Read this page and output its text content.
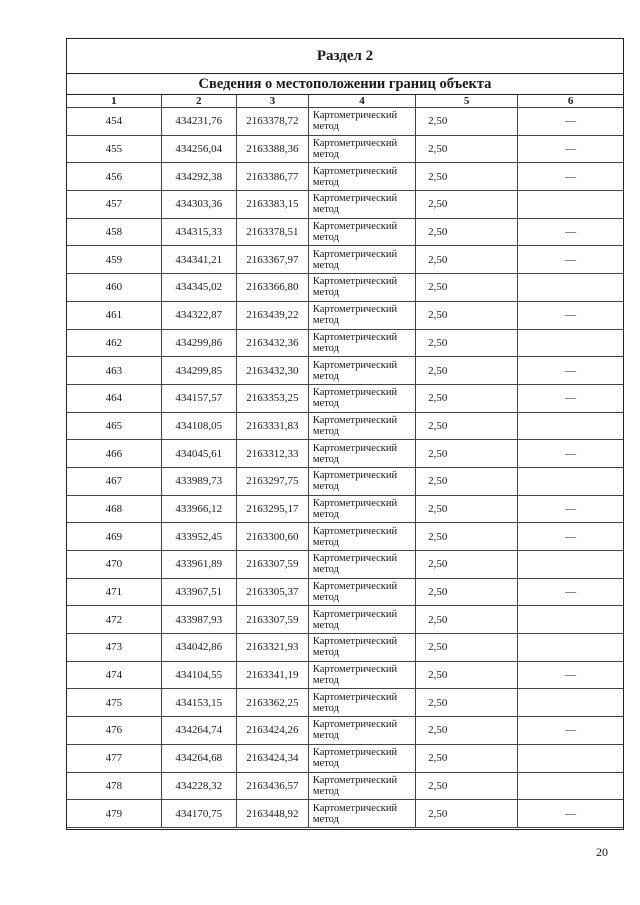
Раздел 2
Сведения о местоположении границ объекта
1	2	3	4	5	6
454	434231,76	2163378,72	Картометрический метод	2,50	—
455	434256,04	2163388,36	Картометрический метод	2,50	—
456	434292,38	2163386,77	Картометрический метод	2,50	—
457	434303,36	2163383,15	Картометрический метод	2,50	
458	434315,33	2163378,51	Картометрический метод	2,50	—
459	434341,21	2163367,97	Картометрический метод	2,50	—
460	434345,02	2163366,80	Картометрический метод	2,50	
461	434322,87	2163439,22	Картометрический метод	2,50	—
462	434299,86	2163432,36	Картометрический метод	2,50	
463	434299,85	2163432,30	Картометрический метод	2,50	—
464	434157,57	2163353,25	Картометрический метод	2,50	—
465	434108,05	2163331,83	Картометрический метод	2,50	
466	434045,61	2163312,33	Картометрический метод	2,50	—
467	433989,73	2163297,75	Картометрический метод	2,50	
468	433966,12	2163295,17	Картометрический метод	2,50	—
469	433952,45	2163300,60	Картометрический метод	2,50	—
470	433961,89	2163307,59	Картометрический метод	2,50	
471	433967,51	2163305,37	Картометрический метод	2,50	—
472	433987,93	2163307,59	Картометрический метод	2,50	
473	434042,86	2163321,93	Картометрический метод	2,50	
474	434104,55	2163341,19	Картометрический метод	2,50	—
475	434153,15	2163362,25	Картометрический метод	2,50	
476	434264,74	2163424,26	Картометрический метод	2,50	—
477	434264,68	2163424,34	Картометрический метод	2,50	
478	434228,32	2163436,57	Картометрический метод	2,50	
479	434170,75	2163448,92	Картометрический метод	2,50	—
20
